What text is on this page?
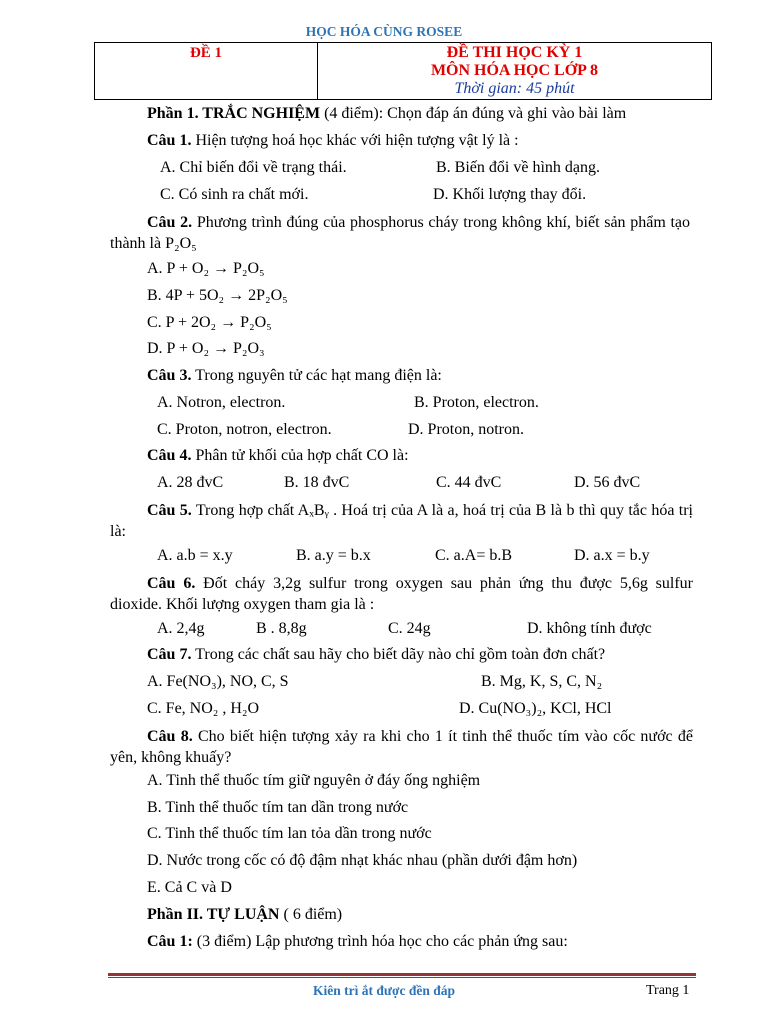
HỌC HÓA CÙNG ROSEE
ĐỀ 1	ĐỀ THI HỌC KỲ 1
MÔN HÓA HỌC LỚP 8
Thời gian: 45 phút
Phần 1. TRẮC NGHIỆM (4 điểm): Chọn đáp án đúng và ghi vào bài làm
Câu 1. Hiện tượng hoá học khác với hiện tượng vật lý là :
A. Chỉ biến đổi về trạng thái.	B. Biến đổi về hình dạng.
C. Có sinh ra chất mới.	D. Khối lượng thay đổi.
Câu 2. Phương trình đúng của phosphorus cháy trong không khí, biết sản phẩm tạo thành là P₂O₅
A. P + O₂ → P₂O₅
B. 4P + 5O₂ → 2P₂O₅
C. P + 2O₂ → P₂O₅
D. P + O₂ → P₂O₃
Câu 3. Trong nguyên tử các hạt mang điện là:
A. Notron, electron.	B. Proton, electron.
C. Proton, notron, electron.	D. Proton, notron.
Câu 4. Phân tử khối của hợp chất CO là:
A. 28 đvC	B. 18 đvC	C. 44 đvC	D. 56 đvC
Câu 5. Trong hợp chất AₓBᵧ . Hoá trị của A là a, hoá trị của B là b thì quy tắc hóa trị là:
A. a.b = x.y	B. a.y = b.x	C. a.A= b.B	D. a.x = b.y
Câu 6. Đốt cháy 3,2g sulfur trong oxygen sau phản ứng thu được 5,6g sulfur dioxide. Khối lượng oxygen tham gia là :
A. 2,4g	B . 8,8g	C. 24g	D. không tính được
Câu 7. Trong các chất sau hãy cho biết dãy nào chỉ gồm toàn đơn chất?
A. Fe(NO₃), NO, C, S	B. Mg, K, S, C, N₂
C. Fe, NO₂ , H₂O	D. Cu(NO₃)₂, KCl, HCl
Câu 8. Cho biết hiện tượng xảy ra khi cho 1 ít tinh thể thuốc tím vào cốc nước để yên, không khuấy?
A. Tinh thể thuốc tím giữ nguyên ở đáy ống nghiệm
B. Tinh thể thuốc tím tan dần trong nước
C. Tinh thể thuốc tím lan tỏa dần trong nước
D. Nước trong cốc có độ đậm nhạt khác nhau (phần dưới đậm hơn)
E. Cả C và D
Phần II. TỰ LUẬN ( 6 điểm)
Câu 1: (3 điểm) Lập phương trình hóa học cho các phản ứng sau:
Kiên trì ắt được đền đáp	Trang 1
